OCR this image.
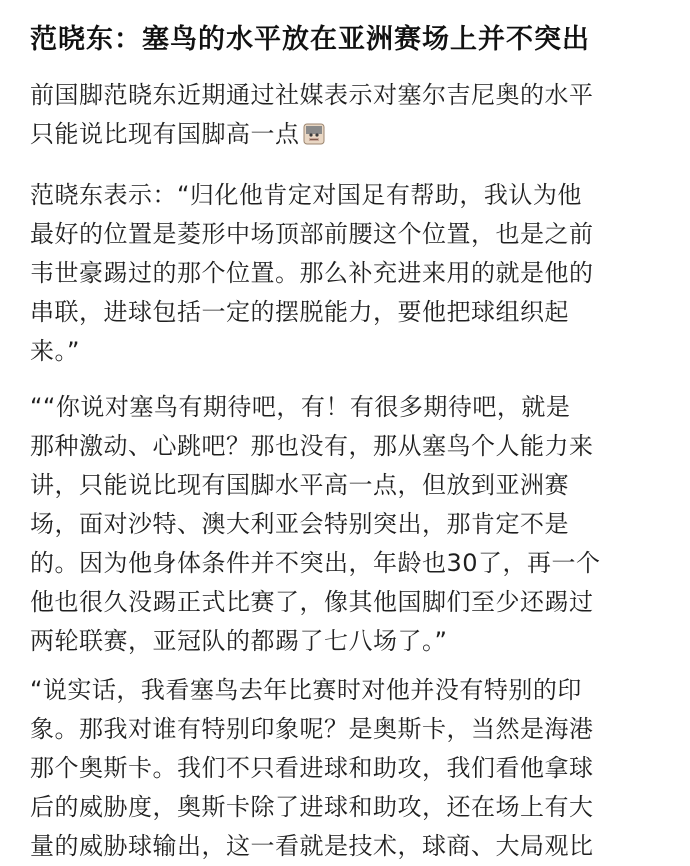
范晓东：塞鸟的水平放在亚洲赛场上并不突出
前国脚范晓东近期通过社媒表示对塞尔吉尼奥的水平
只能说比现有国脚高一点
范晓东表示：“归化他肯定对国足有帮助，我认为他
最好的位置是菱形中场顶部前腰这个位置，也是之前
韦世豪踢过的那个位置。那么补充进来用的就是他的
串联，进球包括一定的摆脱能力，要他把球组织起
来。”
““你说对塞鸟有期待吧，有！有很多期待吧，就是
那种激动、心跳吧？那也没有，那从塞鸟个人能力来
讲，只能说比现有国脚水平高一点，但放到亚洲赛
场，面对沙特、澳大利亚会特别突出，那肯定不是
的。因为他身体条件并不突出，年龄也30了，再一个
他也很久没踢正式比赛了，像其他国脚们至少还踢过
两轮联赛，亚冠队的都踢了七八场了。”
“说实话，我看塞鸟去年比赛时对他并没有特别的印
象。那我对谁有特别印象呢？是奥斯卡，当然是海港
那个奥斯卡。我们不只看进球和助攻，我们看他拿球
后的威胁度，奥斯卡除了进球和助攻，还在场上有大
量的威胁球输出，这一看就是技术，球商、大局观比
